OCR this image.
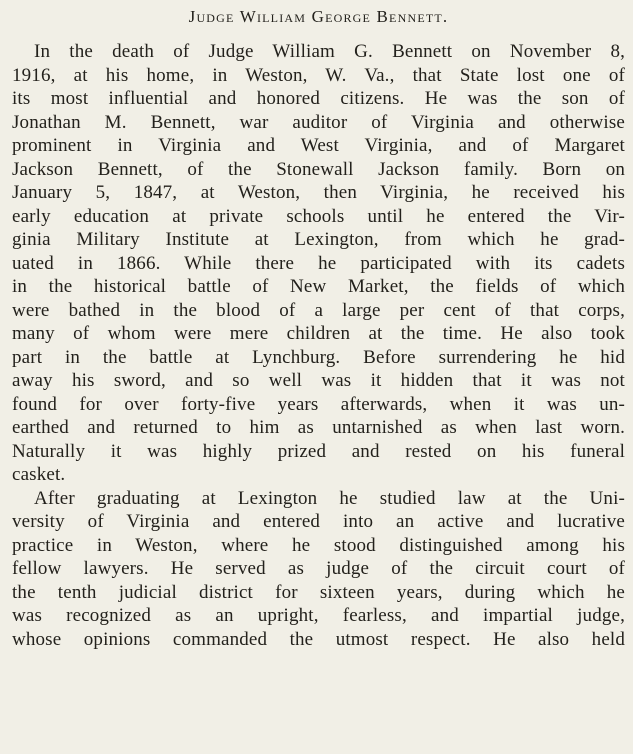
Judge William George Bennett.
In the death of Judge William G. Bennett on November 8,
1916, at his home, in Weston, W. Va., that State lost one of
its most influential and honored citizens. He was the son of
Jonathan M. Bennett, war auditor of Virginia and otherwise
prominent in Virginia and West Virginia, and of Margaret
Jackson Bennett, of the Stonewall Jackson family. Born on
January 5, 1847, at Weston, then Virginia, he received his
early education at private schools until he entered the Vir-
ginia Military Institute at Lexington, from which he grad-
uated in 1866. While there he participated with its cadets
in the historical battle of New Market, the fields of which
were bathed in the blood of a large per cent of that corps,
many of whom were mere children at the time. He also took
part in the battle at Lynchburg. Before surrendering he hid
away his sword, and so well was it hidden that it was not
found for over forty-five years afterwards, when it was un-
earthed and returned to him as untarnished as when last worn.
Naturally it was highly prized and rested on his funeral
casket.
After graduating at Lexington he studied law at the Uni-
versity of Virginia and entered into an active and lucrative
practice in Weston, where he stood distinguished among his
fellow lawyers. He served as judge of the circuit court of
the tenth judicial district for sixteen years, during which he
was recognized as an upright, fearless, and impartial judge,
whose opinions commanded the utmost respect. He also held
